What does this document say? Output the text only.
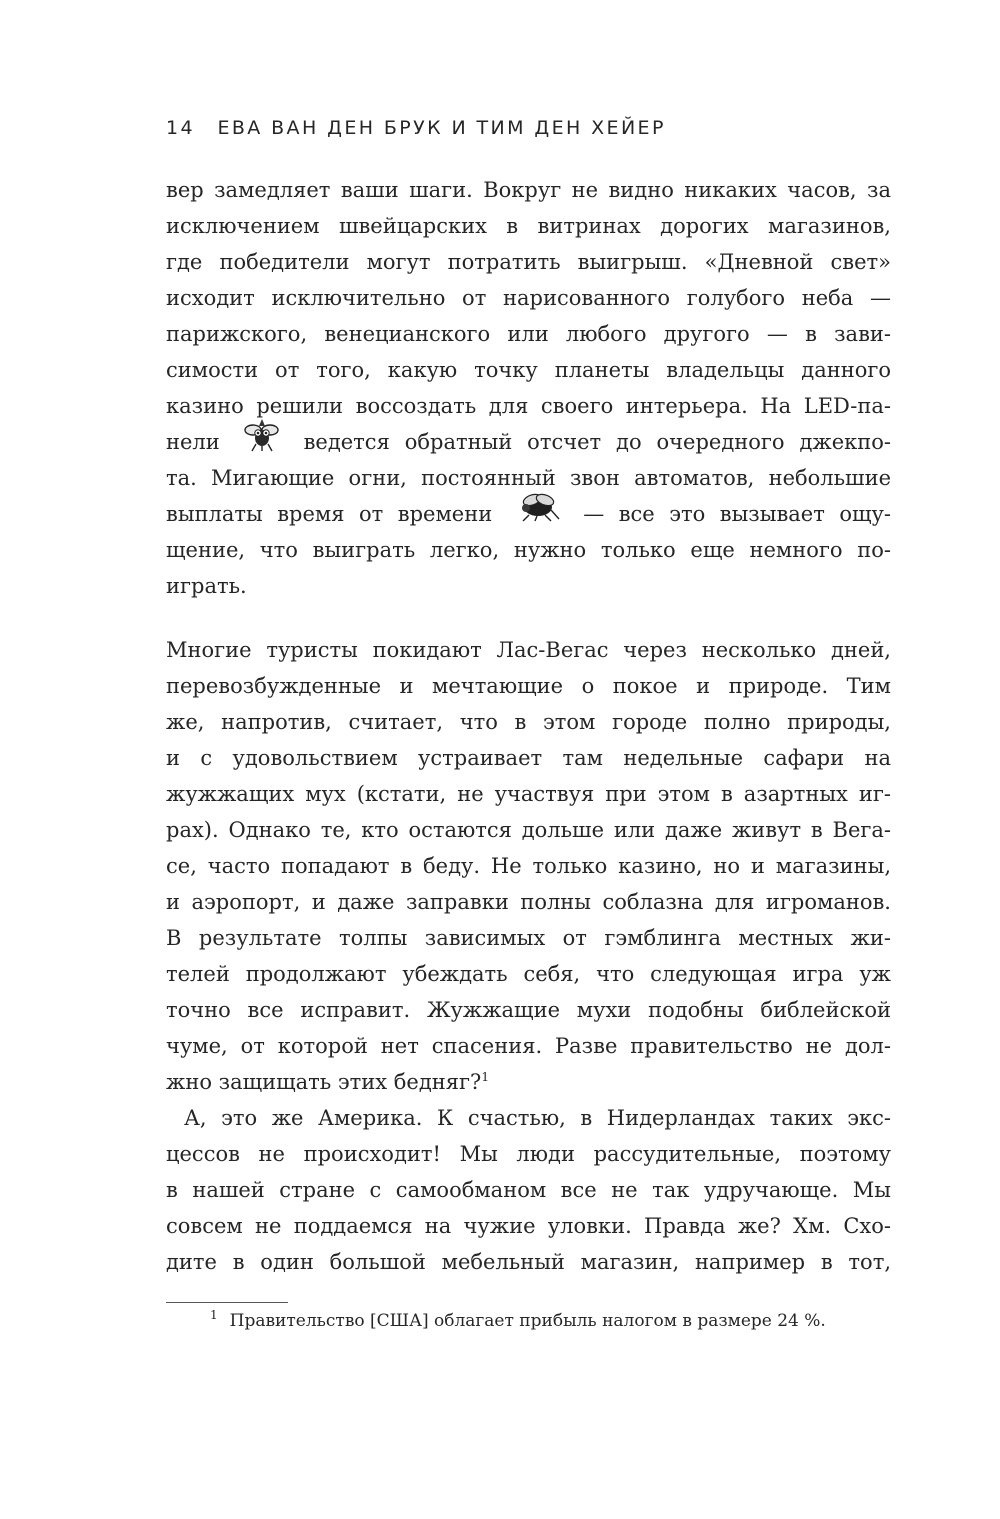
14 ЕВА ВАН ДЕН БРУК И ТИМ ДЕН ХЕЙЕР
вер замедляет ваши шаги. Вокруг не видно никаких часов, за
исключением швейцарских в витринах дорогих магазинов,
где победители могут потратить выигрыш. «Дневной свет»
исходит исключительно от нарисованного голубого неба —
парижского, венецианского или любого другого — в зави-
симости от того, какую точку планеты владельцы данного
казино решили воссоздать для своего интерьера. На LED-па-
нели	ведется обратный отсчет до очередного джекпо-
та. Мигающие огни, постоянный звон автоматов, небольшие
выплаты время от времени	— все это вызывает ощу-
щение, что выиграть легко, нужно только еще немного по-
играть.
Многие туристы покидают Лас-Вегас через несколько дней,
перевозбужденные и мечтающие о покое и природе. Тим
же, напротив, считает, что в этом городе полно природы,
и с удовольствием устраивает там недельные сафари на
жужжащих мух (кстати, не участвуя при этом в азартных иг-
рах). Однако те, кто остаются дольше или даже живут в Вега-
се, часто попадают в беду. Не только казино, но и магазины,
и аэропорт, и даже заправки полны соблазна для игроманов.
В результате толпы зависимых от гэмблинга местных жи-
телей продолжают убеждать себя, что следующая игра уж
точно все исправит. Жужжащие мухи подобны библейской
чуме, от которой нет спасения. Разве правительство не дол-
жно защищать этих бедняг?$^1$
А, это же Америка. К счастью, в Нидерландах таких экс-
цессов не происходит! Мы люди рассудительные, поэтому
в нашей стране с самообманом все не так удручающе. Мы
совсем не поддаемся на чужие уловки. Правда же? Хм. Схо-
дите в один большой мебельный магазин, например в тот,
$^1$ Правительство [США] облагает прибыль налогом в размере 24 %.
